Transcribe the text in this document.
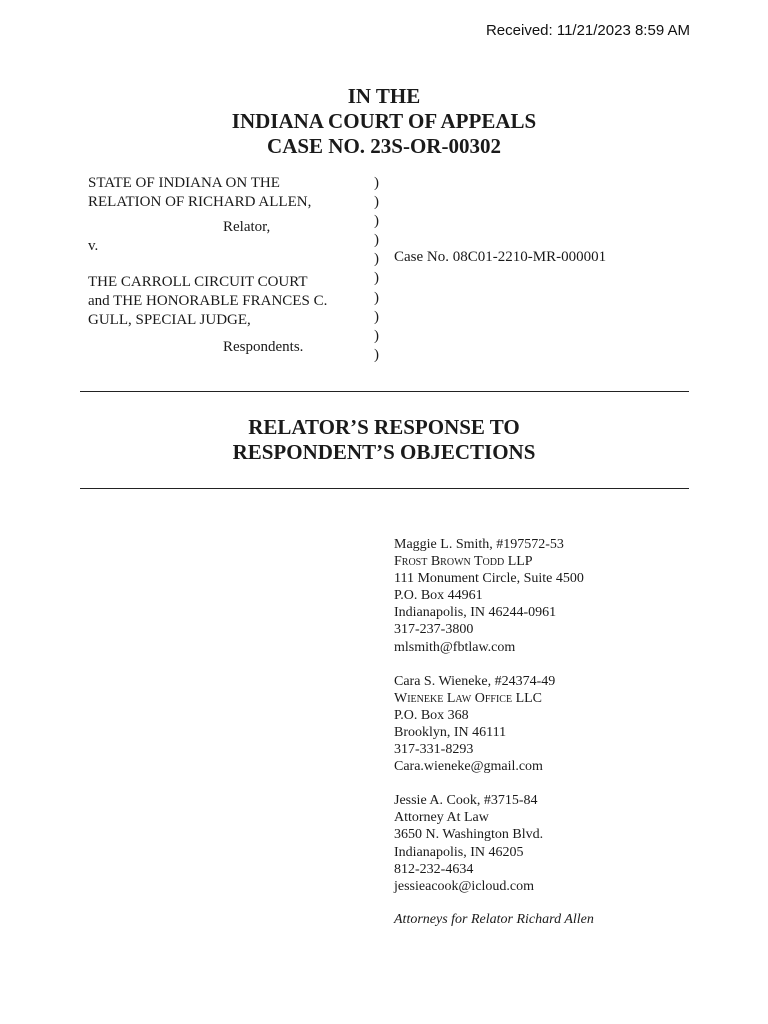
Received: 11/21/2023 8:59 AM
IN THE
INDIANA COURT OF APPEALS
CASE NO. 23S-OR-00302
STATE OF INDIANA ON THE
RELATION OF RICHARD ALLEN,
Relator,
v.
THE CARROLL CIRCUIT COURT
and THE HONORABLE FRANCES C.
GULL, SPECIAL JUDGE,
Respondents.
)
)
)
)
)
)
)
)
)
)
Case No. 08C01-2210-MR-000001
RELATOR’S RESPONSE TO
RESPONDENT’S OBJECTIONS
Maggie L. Smith, #197572-53
Frost Brown Todd LLP
111 Monument Circle, Suite 4500
P.O. Box 44961
Indianapolis, IN 46244-0961
317-237-3800
mlsmith@fbtlaw.com
Cara S. Wieneke, #24374-49
Wieneke Law Office LLC
P.O. Box 368
Brooklyn, IN 46111
317-331-8293
Cara.wieneke@gmail.com
Jessie A. Cook, #3715-84
Attorney At Law
3650 N. Washington Blvd.
Indianapolis, IN 46205
812-232-4634
jessieacook@icloud.com
Attorneys for Relator Richard Allen
